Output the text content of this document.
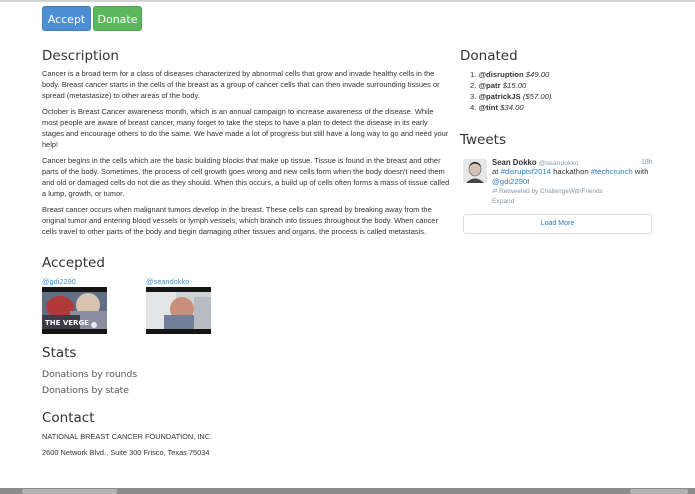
Accept	Donate
Description

Cancer is a broad term for a class of diseases characterized by abnormal cells that grow and invade healthy cells in the body. Breast cancer starts in the cells of the breast as a group of cancer cells that can then invade surrounding tissues or spread (metastasize) to other areas of the body.

October is Breast Cancer awareness month, which is an annual campaign to increase awareness of the disease. While most people are aware of breast cancer, many forget to take the steps to have a plan to detect the disease in its early stages and encourage others to do the same. We have made a lot of progress but still have a long way to go and need your help!

Cancer begins in the cells which are the basic building blocks that make up tissue. Tissue is found in the breast and other parts of the body. Sometimes, the process of cell growth goes wrong and new cells form when the body doesn't need them and old or damaged cells do not die as they should. When this occurs, a build up of cells often forms a mass of tissue called a lump, growth, or tumor.

Breast cancer occurs when malignant tumors develop in the breast. These cells can spread by breaking away from the original tumor and entering blood vessels or lymph vessels, which branch into tissues throughout the body. When cancer cells travel to other parts of the body and begin damaging other tissues and organs, the process is called metastasis.

Accepted
@gdi2290	@seandokko
THE VERGE
Stats
Donations by rounds
Donations by state
Contact
NATIONAL BREAST CANCER FOUNDATION, INC.
2600 Network Blvd., Suite 300 Frisco, Texas 75034
Donated
1. @disruption $49.00
2. @patr $15.00
3. @patrickJS ($57.00)
4. @tint $34.00
Tweets
Sean Dokko @seandokko	18h
at #disruptsf2014 hackathon #techcrunch with @gdi2290!
⇄ Retweeted by ChallengeWithFriends
Expand
Load More
